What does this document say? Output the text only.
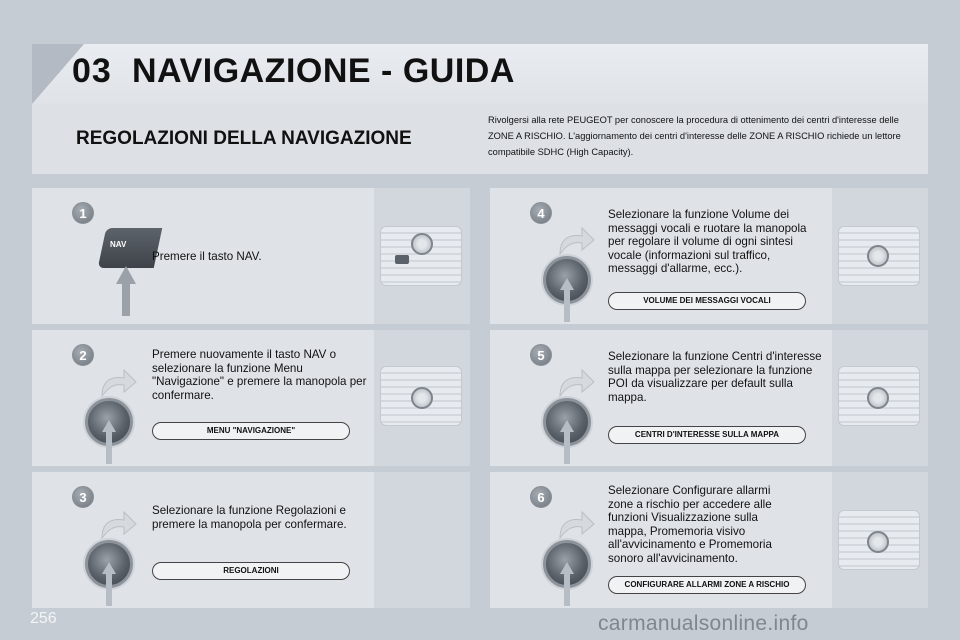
03 NAVIGAZIONE - GUIDA
REGOLAZIONI DELLA NAVIGAZIONE
Rivolgersi alla rete PEUGEOT per conoscere la procedura di ottenimento dei centri d'interesse delle ZONE A RISCHIO. L'aggiornamento dei centri d'interesse delle ZONE A RISCHIO richiede un lettore compatibile SDHC (High Capacity).
1
NAV
Premere il tasto NAV.
2	Premere nuovamente il tasto NAV o selezionare la funzione Menu "Navigazione" e premere la manopola per confermare.
MENU "NAVIGAZIONE"
3
Selezionare la funzione Regolazioni e premere la manopola per confermare.
REGOLAZIONI
4	Selezionare la funzione Volume dei messaggi vocali e ruotare la manopola per regolare il volume di ogni sintesi vocale (informazioni sul traffico, messaggi d'allarme, ecc.).
VOLUME DEI MESSAGGI VOCALI
5	Selezionare la funzione Centri d'interesse sulla mappa per selezionare la funzione POI da visualizzare per default sulla mappa.
CENTRI D'INTERESSE SULLA MAPPA
6	Selezionare Configurare allarmi zone a rischio per accedere alle funzioni Visualizzazione sulla mappa, Promemoria visivo all'avvicinamento e Promemoria sonoro all'avvicinamento.
CONFIGURARE ALLARMI ZONE A RISCHIO
256	carmanualsonline.info
